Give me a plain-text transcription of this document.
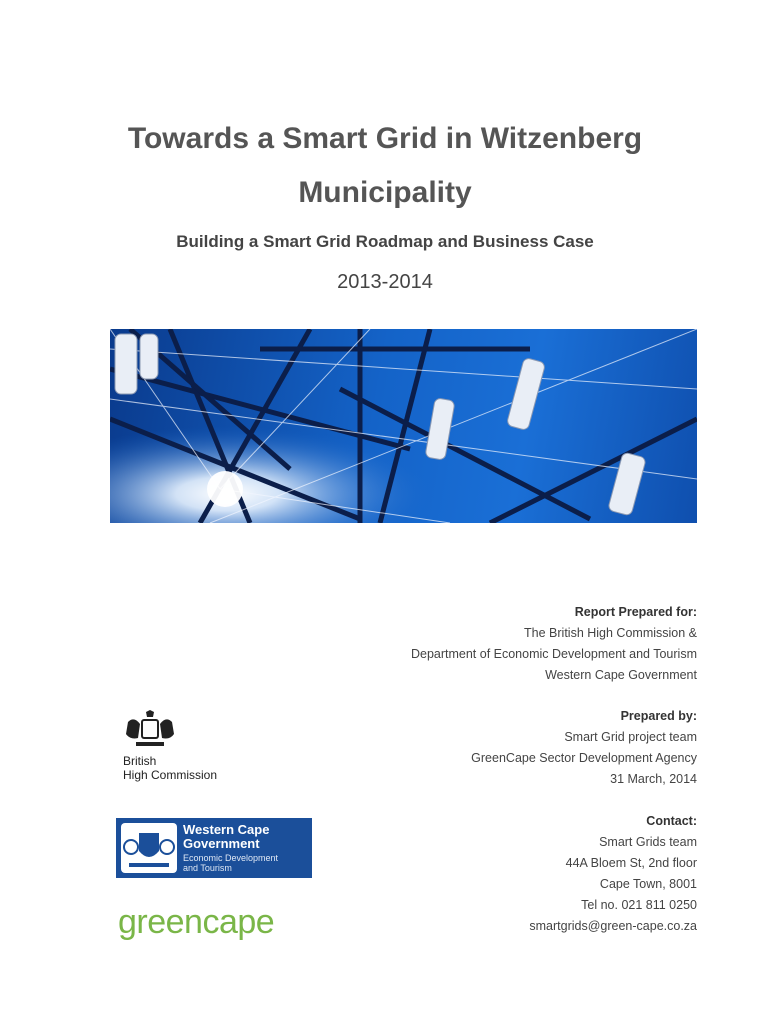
Towards a Smart Grid in Witzenberg
Municipality
Building a Smart Grid Roadmap and Business Case
2013-2014
Report Prepared for:
The British High Commission &
Department of Economic Development and Tourism
Western Cape Government
Prepared by:
Smart Grid project team
GreenCape Sector Development Agency
31 March, 2014
Contact:
Smart Grids team
44A Bloem St, 2nd floor
Cape Town, 8001
Tel no. 021 811 0250
smartgrids@green-cape.co.za
British
High Commission
Western Cape
Government
Economic Development
and Tourism
greencape
